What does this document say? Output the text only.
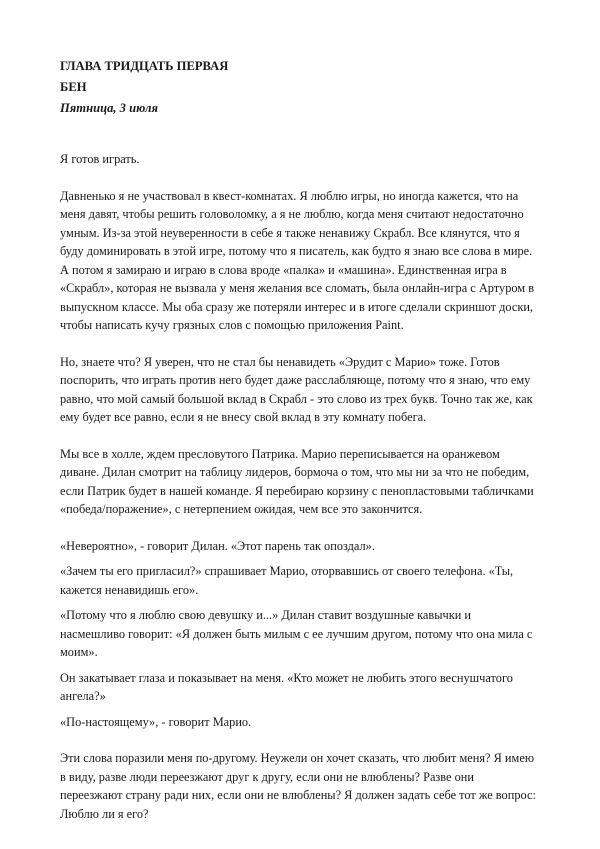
ГЛАВА ТРИДЦАТЬ ПЕРВАЯ

БЕН

Пятница, 3 июля

Я готов играть.

Давненько я не участвовал в квест-комнатах. Я люблю игры, но иногда кажется, что на меня давят, чтобы решить головоломку, а я не люблю, когда меня считают недостаточно умным. Из-за этой неуверенности в себе я также ненавижу Скрабл. Все клянутся, что я буду доминировать в этой игре, потому что я писатель, как будто я знаю все слова в мире. А потом я замираю и играю в слова вроде «палка» и «машина». Единственная игра в «Скрабл», которая не вызвала у меня желания все сломать, была онлайн-игра с Артуром в выпускном классе. Мы оба сразу же потеряли интерес и в итоге сделали скриншот доски, чтобы написать кучу грязных слов с помощью приложения Paint.

Но, знаете что? Я уверен, что не стал бы ненавидеть «Эрудит с Марио» тоже. Готов поспорить, что играть против него будет даже расслабляюще, потому что я знаю, что ему равно, что мой самый большой вклад в Скрабл - это слово из трех букв. Точно так же, как ему будет все равно, если я не внесу свой вклад в эту комнату побега.

Мы все в холле, ждем пресловутого Патрика. Марио переписывается на оранжевом диване. Дилан смотрит на таблицу лидеров, бормоча о том, что мы ни за что не победим, если Патрик будет в нашей команде. Я перебираю корзину с пенопластовыми табличками «победа/поражение», с нетерпением ожидая, чем все это закончится.

«Невероятно», - говорит Дилан. «Этот парень так опоздал».

«Зачем ты его пригласил?» спрашивает Марио, оторвавшись от своего телефона. «Ты, кажется ненавидишь его».

«Потому что я люблю свою девушку и...» Дилан ставит воздушные кавычки и насмешливо говорит: «Я должен быть милым с ее лучшим другом, потому что она мила с моим».

Он закатывает глаза и показывает на меня. «Кто может не любить этого веснушчатого ангела?»

«По-настоящему», - говорит Марио.

Эти слова поразили меня по-другому. Неужели он хочет сказать, что любит меня? Я имею в виду, разве люди переезжают друг к другу, если они не влюблены? Разве они переезжают страну ради них, если они не влюблены? Я должен задать себе тот же вопрос: Люблю ли я его?
